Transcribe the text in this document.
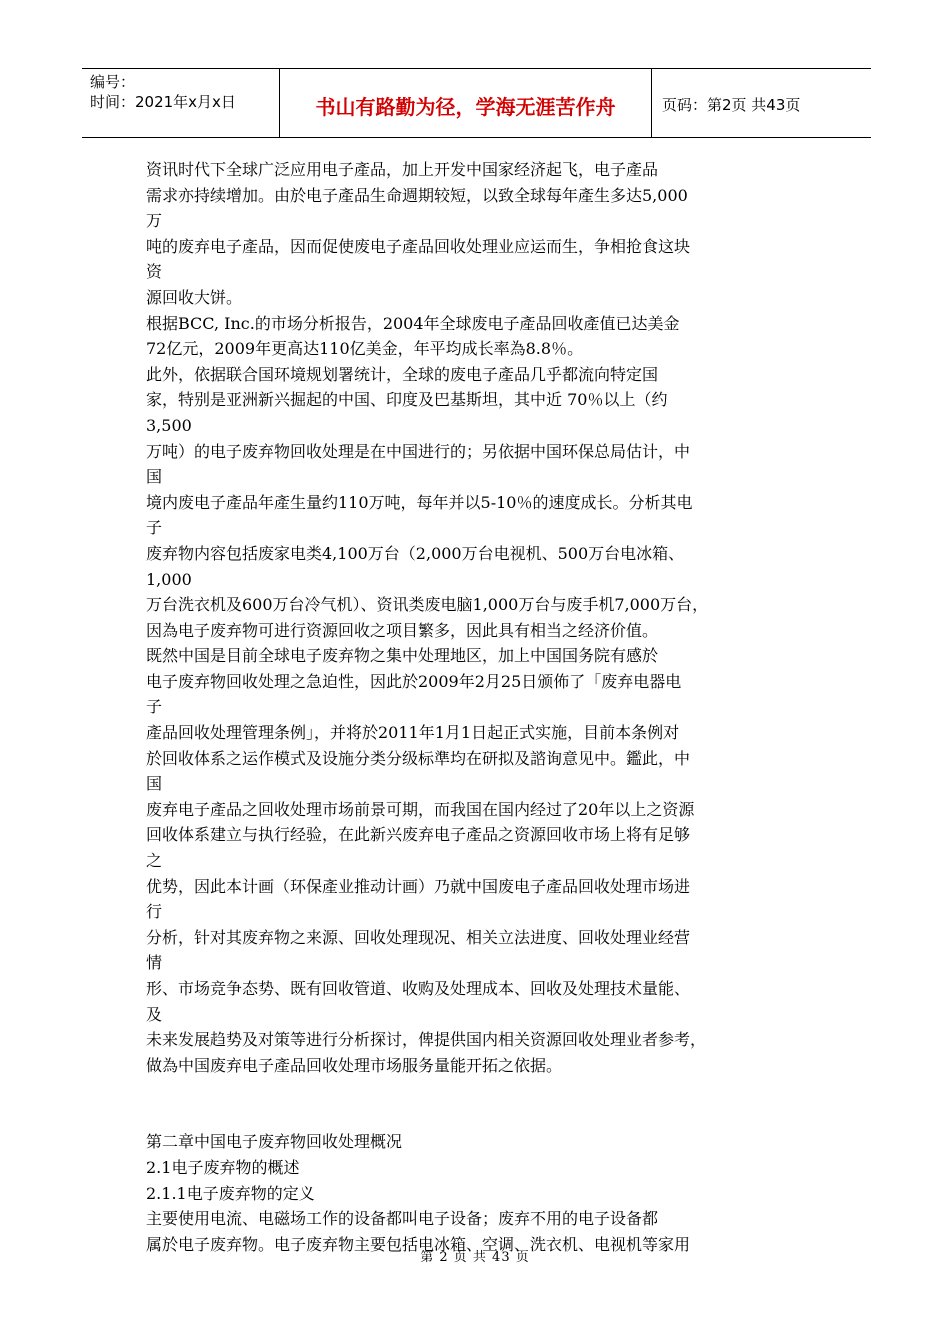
编号：
时间：2021年x月x日	书山有路勤为径，学海无涯苦作舟	页码：第2页 共43页

资讯时代下全球广泛应用电子產品，加上开发中国家经济起飞，电子產品

需求亦持续增加。由於电子產品生命週期较短，以致全球每年產生多达5,000

万

吨的废弃电子產品，因而促使废电子產品回收处理业应运而生，争相抢食这块

资

源回收大饼。

根据BCC, Inc.的市场分析报告，2004年全球废电子產品回收產值已达美金

72亿元，2009年更高达110亿美金，年平均成长率為8.8％。

此外，依据联合国环境规划署统计，全球的废电子產品几乎都流向特定国

家，特别是亚洲新兴掘起的中国、印度及巴基斯坦，其中近 70％以上（约

3,500

万吨）的电子废弃物回收处理是在中国进行的；另依据中国环保总局估计，中

国

境内废电子產品年產生量约110万吨，每年并以5-10％的速度成长。分析其电

子

废弃物内容包括废家电类4,100万台（2,000万台电视机、500万台电冰箱、

1,000

万台洗衣机及600万台冷气机）、资讯类废电脑1,000万台与废手机7,000万台，

因為电子废弃物可进行资源回收之项目繁多，因此具有相当之经济价值。

既然中国是目前全球电子废弃物之集中处理地区，加上中国国务院有感於

电子废弃物回收处理之急迫性，因此於2009年2月25日颁佈了「废弃电器电

子

產品回收处理管理条例」，并将於2011年1月1日起正式实施，目前本条例对

於回收体系之运作模式及设施分类分级标準均在研拟及諮询意见中。鑑此，中

国

废弃电子產品之回收处理市场前景可期，而我国在国内经过了20年以上之资源

回收体系建立与执行经验，在此新兴废弃电子產品之资源回收市场上将有足够

之

优势，因此本计画（环保產业推动计画）乃就中国废电子產品回收处理市场进

行

分析，针对其废弃物之来源、回收处理现况、相关立法进度、回收处理业经营

情

形、市场竞争态势、既有回收管道、收购及处理成本、回收及处理技术量能、

及

未来发展趋势及对策等进行分析探讨，俾提供国内相关资源回收处理业者参考，

做為中国废弃电子產品回收处理市场服务量能开拓之依据。

第二章中国电子废弃物回收处理概况

2.1电子废弃物的概述

2.1.1电子废弃物的定义

主要使用电流、电磁场工作的设备都叫电子设备；废弃不用的电子设备都

属於电子废弃物。电子废弃物主要包括电冰箱、空调、洗衣机、电视机等家用

第 2 页 共 43 页
